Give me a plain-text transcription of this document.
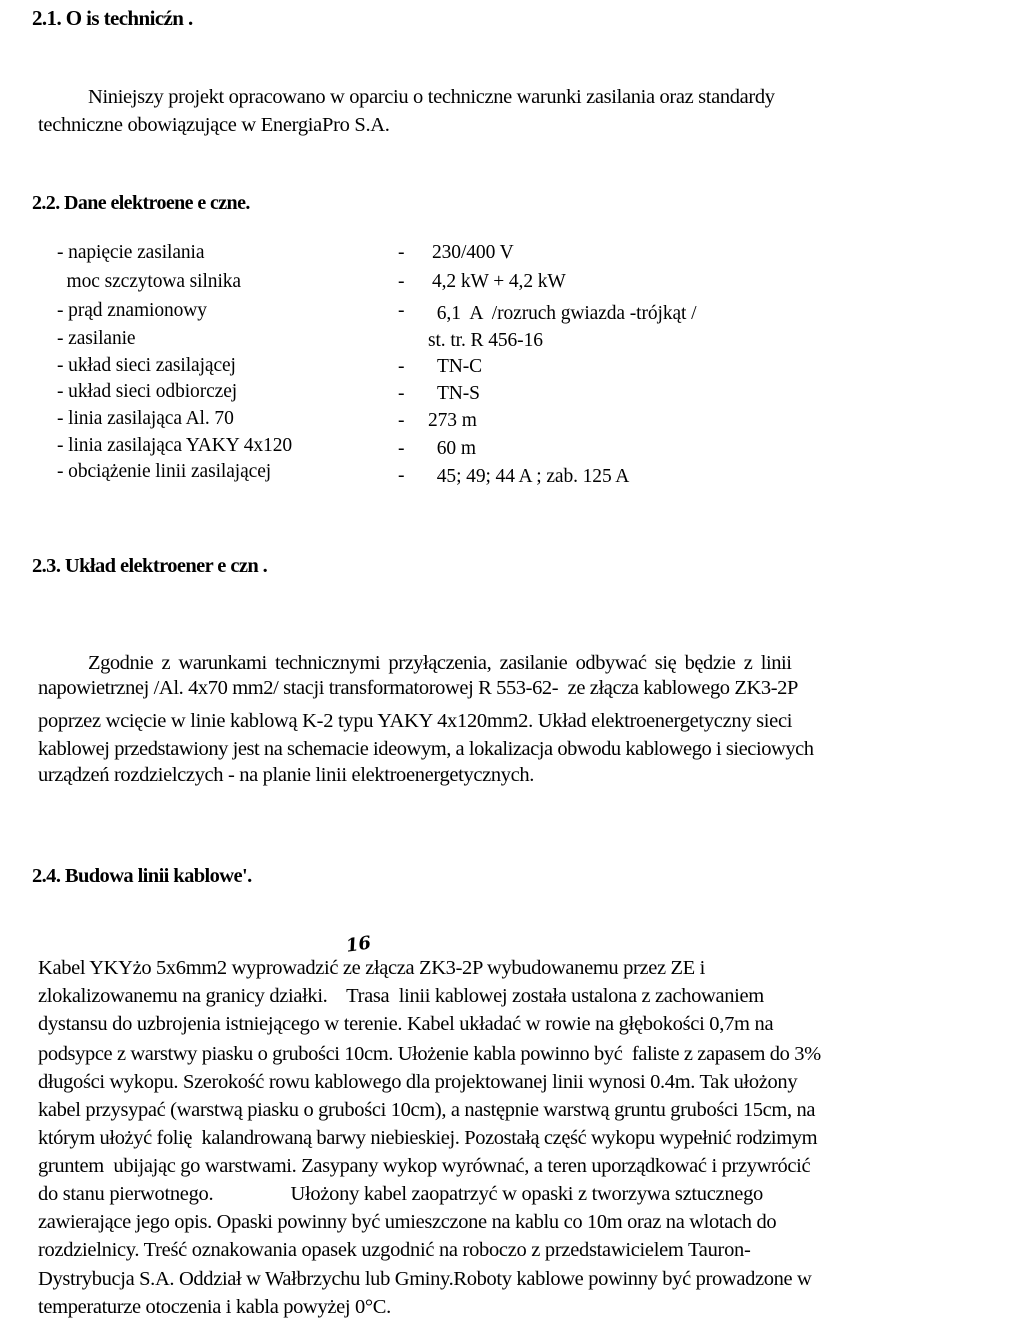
2.1. O is technicźn .
Niniejszy projekt opracowano w oparciu o techniczne warunki zasilania oraz standardy
techniczne obowiązujące w EnergiaPro S.A.
2.2. Dane elektroene e czne.
- napięcie zasilania	- 230/400 V
moc szczytowa silnika	- 4,2 kW + 4,2 kW
- prąd znamionowy	- 6,1  A  /rozruch gwiazda -trójkąt /
- zasilanie	st. tr. R 456-16
- układ sieci zasilającej	- TN-C
- układ sieci odbiorczej	- TN-S
- linia zasilająca Al. 70	- 273 m
- linia zasilająca YAKY 4x120	- 60 m
- obciążenie linii zasilającej	- 45; 49; 44 A ; zab. 125 A
2.3. Układ elektroener e czn .
Zgodnie  z  warunkami  technicznymi  przyłączenia,  zasilanie  odbywać  się  będzie  z  linii
napowietrznej /Al. 4x70 mm2/ stacji transformatorowej R 553-62-  ze złącza kablowego ZK3-2P
poprzez wcięcie w linie kablową K-2 typu YAKY 4x120mm2. Układ elektroenergetyczny sieci
kablowej przedstawiony jest na schemacie ideowym, a lokalizacja obwodu kablowego i sieciowych
urządzeń rozdzielczych - na planie linii elektroenergetycznych.
2.4. Budowa linii kablowe'.
16
Kabel YKYżo 5x6mm2 wyprowadzić ze złącza ZK3-2P wybudowanemu przez ZE i
zlokalizowanemu na granicy działki.    Trasa  linii kablowej została ustalona z zachowaniem
dystansu do uzbrojenia istniejącego w terenie. Kabel układać w rowie na głębokości 0,7m na
podsypce z warstwy piasku o grubości 10cm. Ułożenie kabla powinno być  faliste z zapasem do 3%
długości wykopu. Szerokość rowu kablowego dla projektowanej linii wynosi 0.4m. Tak ułożony
kabel przysypać (warstwą piasku o grubości 10cm), a następnie warstwą gruntu grubości 15cm, na
którym ułożyć folię  kalandrowaną barwy niebieskiej. Pozostałą część wykopu wypełnić rodzimym
gruntem  ubijając go warstwami. Zasypany wykop wyrównać, a teren uporządkować i przywrócić
do stanu pierwotnego.                Ułożony kabel zaopatrzyć w opaski z tworzywa sztucznego
zawierające jego opis. Opaski powinny być umieszczone na kablu co 10m oraz na wlotach do
rozdzielnicy. Treść oznakowania opasek uzgodnić na roboczo z przedstawicielem Tauron-
Dystrybucja S.A. Oddział w Wałbrzychu lub Gminy.Roboty kablowe powinny być prowadzone w
temperaturze otoczenia i kabla powyżej 0°C.
